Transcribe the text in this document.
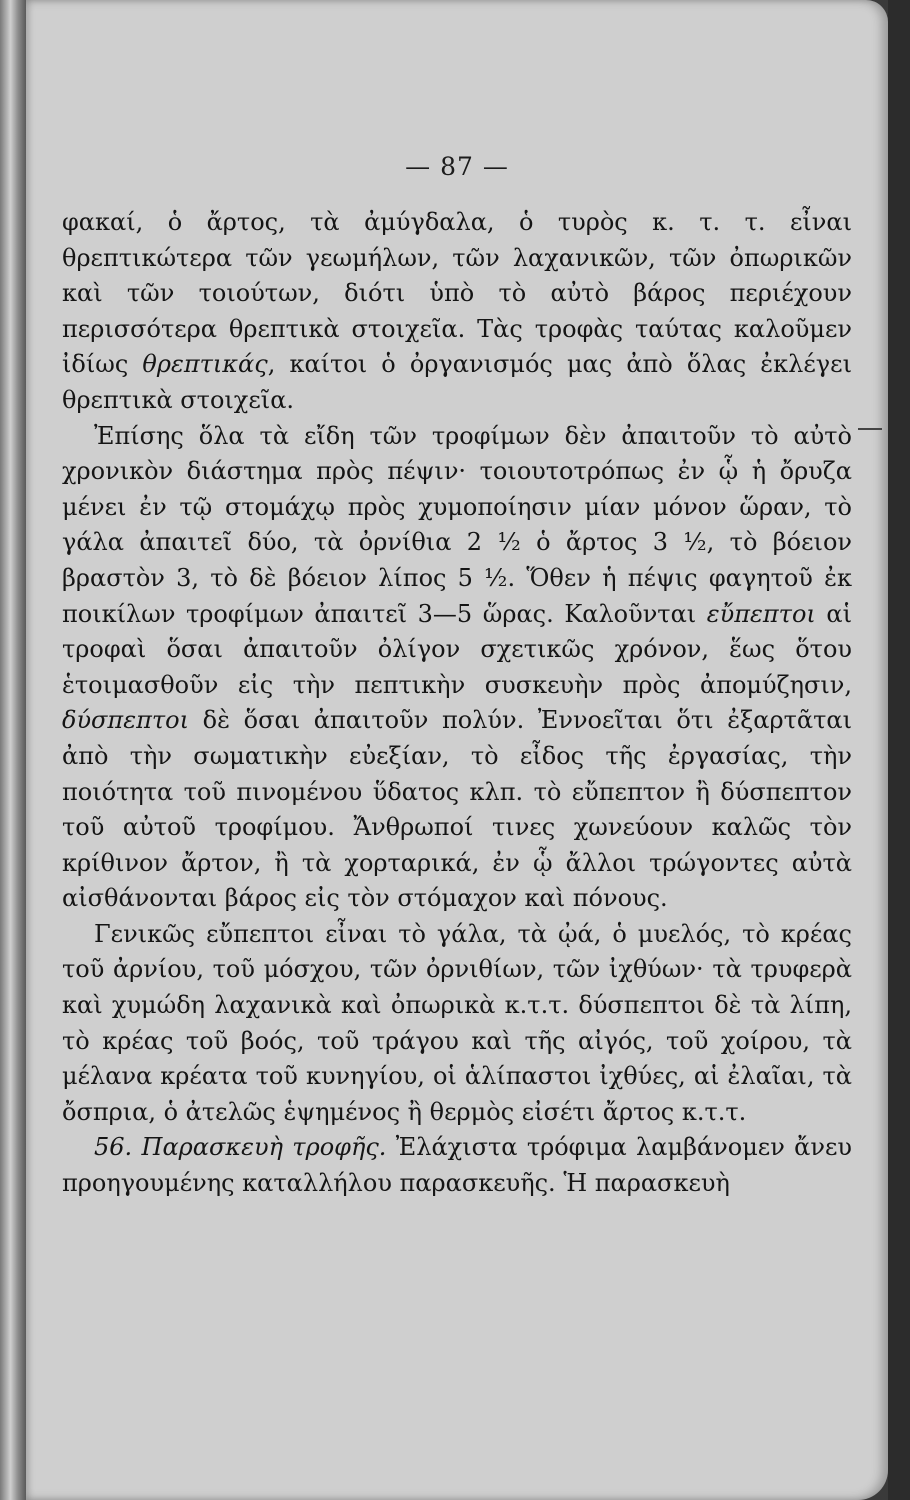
— 87 —

φακαί, ὁ ἄρτος, τὰ ἀμύγδαλα, ὁ τυρὸς κ. τ. τ. εἶναι θρεπτικώτερα τῶν γεωμήλων, τῶν λαχανικῶν, τῶν ὀπωρικῶν καὶ τῶν τοιούτων, διότι ὑπὸ τὸ αὐτὸ βάρος περιέχουν περισσότερα θρεπτικὰ στοιχεῖα. Τὰς τροφὰς ταύτας καλοῦμεν ἰδίως θρεπτικάς, καίτοι ὁ ὀργανισμός μας ἀπὸ ὅλας ἐκλέγει θρεπτικὰ στοιχεῖα.

Ἐπίσης ὅλα τὰ εἴδη τῶν τροφίμων δὲν ἀπαιτοῦν τὸ αὐτὸ χρονικὸν διάστημα πρὸς πέψιν· τοιουτοτρόπως ἐν ᾧ ἡ ὄρυζα μένει ἐν τῷ στομάχῳ πρὸς χυμοποίησιν μίαν μόνον ὥραν, τὸ γάλα ἀπαιτεῖ δύο, τὰ ὀρνίθια 2 ½ ὁ ἄρτος 3 ½, τὸ βόειον βραστὸν 3, τὸ δὲ βόειον λίπος 5 ½. Ὅθεν ἡ πέψις φαγητοῦ ἐκ ποικίλων τροφίμων ἀπαιτεῖ 3—5 ὥρας. Καλοῦνται εὔπεπτοι αἱ τροφαὶ ὅσαι ἀπαιτοῦν ὀλίγον σχετικῶς χρόνον, ἕως ὅτου ἑτοιμασθοῦν εἰς τὴν πεπτικὴν συσκευὴν πρὸς ἀπομύζησιν, δύσπεπτοι δὲ ὅσαι ἀπαιτοῦν πολύν. Ἐννοεῖται ὅτι ἐξαρτᾶται ἀπὸ τὴν σωματικὴν εὐεξίαν, τὸ εἶδος τῆς ἐργασίας, τὴν ποιότητα τοῦ πινομένου ὕδατος κλπ. τὸ εὔπεπτον ἢ δύσπεπτον τοῦ αὐτοῦ τροφίμου. Ἄνθρωποί τινες χωνεύουν καλῶς τὸν κρίθινον ἄρτον, ἢ τὰ χορταρικά, ἐν ᾧ ἄλλοι τρώγοντες αὐτὰ αἰσθάνονται βάρος εἰς τὸν στόμαχον καὶ πόνους.

Γενικῶς εὔπεπτοι εἶναι τὸ γάλα, τὰ ᾠά, ὁ μυελός, τὸ κρέας τοῦ ἀρνίου, τοῦ μόσχου, τῶν ὀρνιθίων, τῶν ἰχθύων· τὰ τρυφερὰ καὶ χυμώδη λαχανικὰ καὶ ὀπωρικὰ κ.τ.τ. δύσπεπτοι δὲ τὰ λίπη, τὸ κρέας τοῦ βοός, τοῦ τράγου καὶ τῆς αἰγός, τοῦ χοίρου, τὰ μέλανα κρέατα τοῦ κυνηγίου, οἱ ἁλίπαστοι ἰχθύες, αἱ ἐλαῖαι, τὰ ὄσπρια, ὁ ἀτελῶς ἑψημένος ἢ θερμὸς εἰσέτι ἄρτος κ.τ.τ.

56. Παρασκευὴ τροφῆς. Ἐλάχιστα τρόφιμα λαμβάνομεν ἄνευ προηγουμένης καταλλήλου παρασκευῆς. Ἡ παρασκευὴ
